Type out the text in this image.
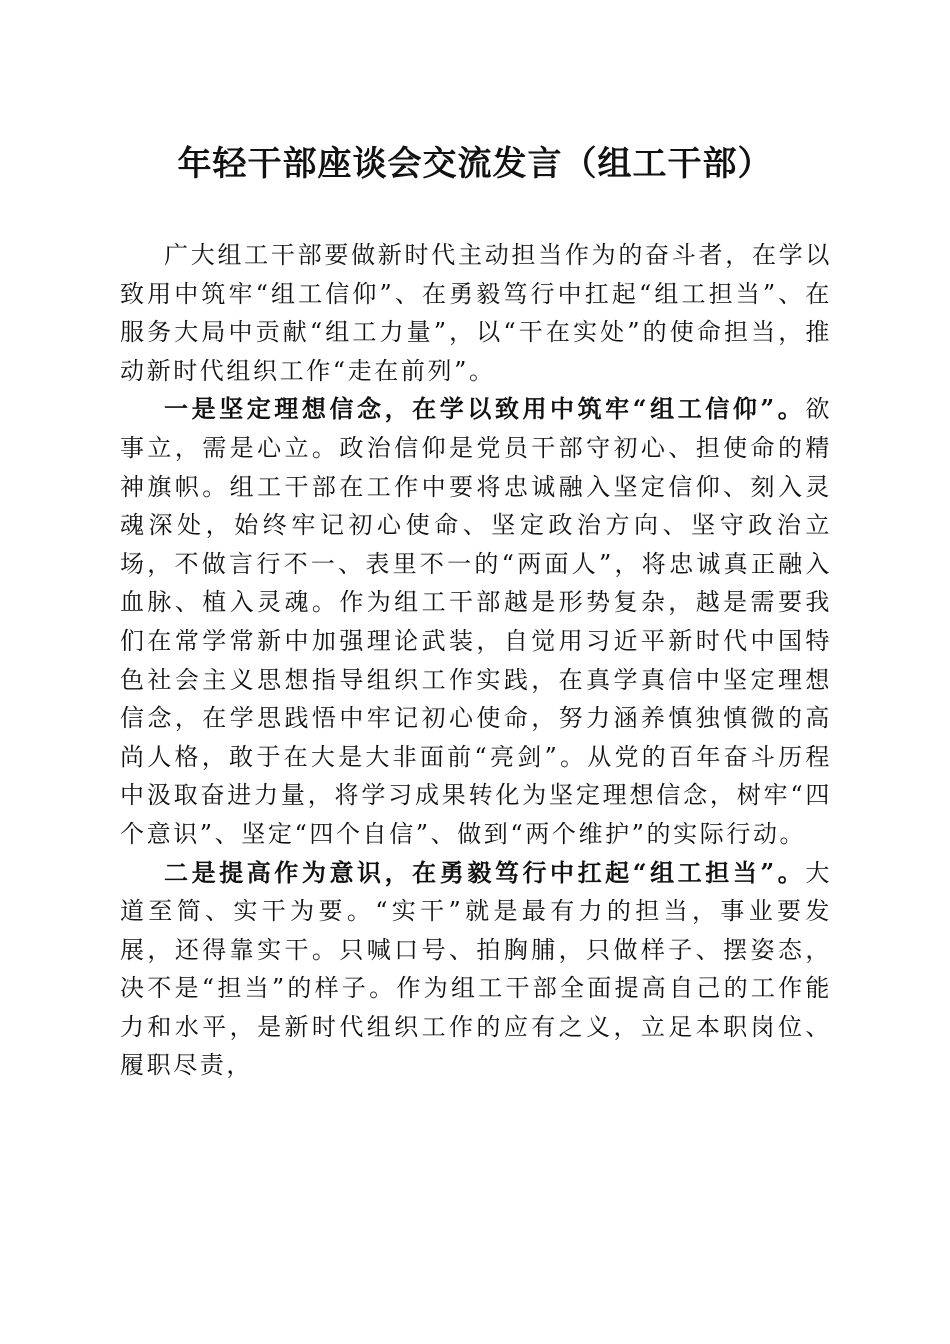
年轻干部座谈会交流发言（组工干部）

广大组工干部要做新时代主动担当作为的奋斗者，在学以致用中筑牢“组工信仰”、在勇毅笃行中扛起“组工担当”、在服务大局中贡献“组工力量”，以“干在实处”的使命担当，推动新时代组织工作“走在前列”。

一是坚定理想信念，在学以致用中筑牢“组工信仰”。欲事立，需是心立。政治信仰是党员干部守初心、担使命的精神旗帜。组工干部在工作中要将忠诚融入坚定信仰、刻入灵魂深处，始终牢记初心使命、坚定政治方向、坚守政治立场，不做言行不一、表里不一的“两面人”，将忠诚真正融入血脉、植入灵魂。作为组工干部越是形势复杂，越是需要我们在常学常新中加强理论武装，自觉用习近平新时代中国特色社会主义思想指导组织工作实践，在真学真信中坚定理想信念，在学思践悟中牢记初心使命，努力涵养慎独慎微的高尚人格，敢于在大是大非面前“亮剑”。从党的百年奋斗历程中汲取奋进力量，将学习成果转化为坚定理想信念，树牢“四个意识”、坚定“四个自信”、做到“两个维护”的实际行动。

二是提高作为意识，在勇毅笃行中扛起“组工担当”。大道至简、实干为要。“实干”就是最有力的担当，事业要发展，还得靠实干。只喊口号、拍胸脯，只做样子、摆姿态，决不是“担当”的样子。作为组工干部全面提高自己的工作能力和水平，是新时代组织工作的应有之义，立足本职岗位、履职尽责，
